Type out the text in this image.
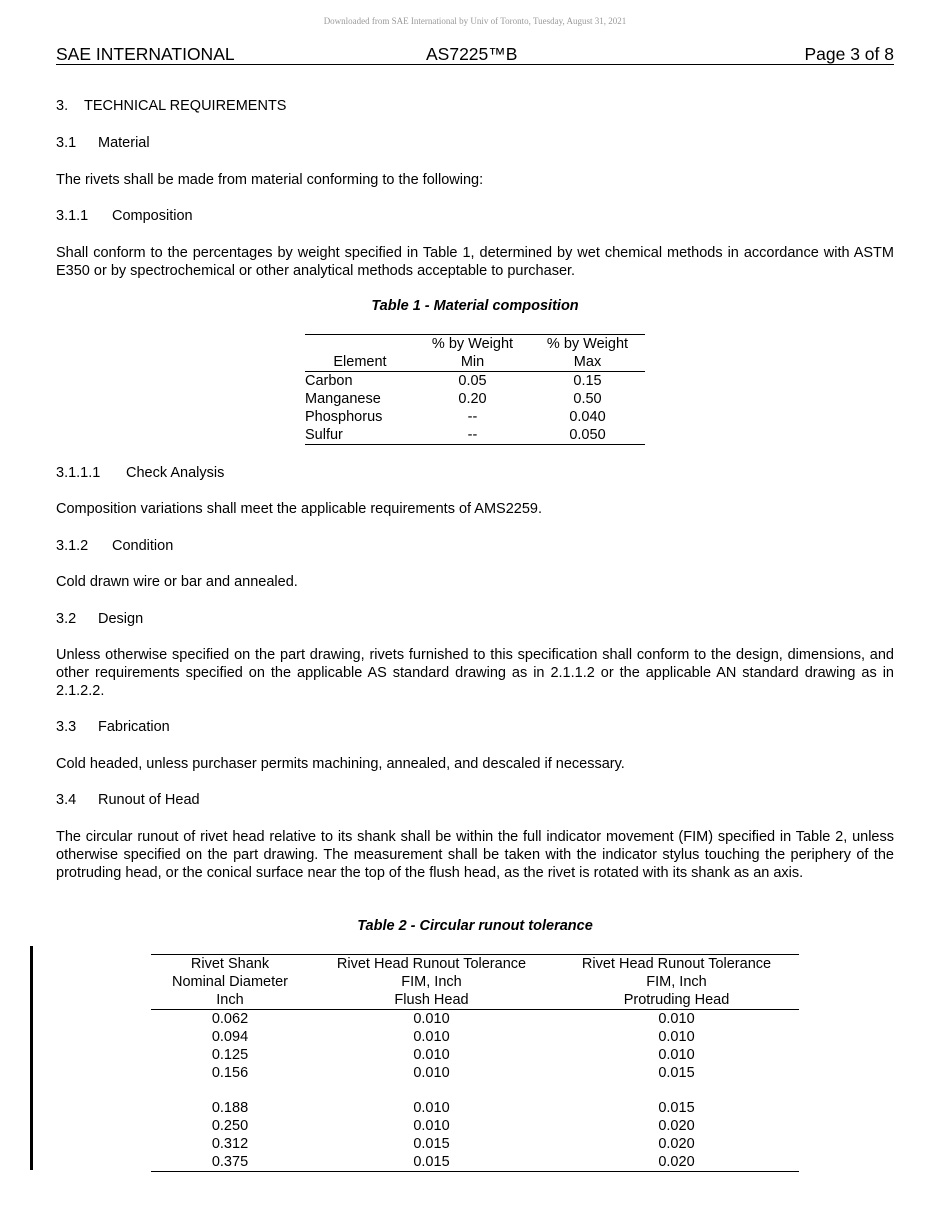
Downloaded from SAE International by Univ of Toronto, Tuesday, August 31, 2021
SAE INTERNATIONAL	AS7225™B	Page 3 of 8
3. TECHNICAL REQUIREMENTS
3.1 Material
The rivets shall be made from material conforming to the following:
3.1.1 Composition
Shall conform to the percentages by weight specified in Table 1, determined by wet chemical methods in accordance with ASTM E350 or by spectrochemical or other analytical methods acceptable to purchaser.
Table 1 - Material composition
	% by Weight	% by Weight
Element	Min	Max
Carbon	0.05	0.15
Manganese	0.20	0.50
Phosphorus	--	0.040
Sulfur	--	0.050
3.1.1.1 Check Analysis
Composition variations shall meet the applicable requirements of AMS2259.
3.1.2 Condition
Cold drawn wire or bar and annealed.
3.2 Design
Unless otherwise specified on the part drawing, rivets furnished to this specification shall conform to the design, dimensions, and other requirements specified on the applicable AS standard drawing as in 2.1.1.2 or the applicable AN standard drawing as in 2.1.2.2.
3.3 Fabrication
Cold headed, unless purchaser permits machining, annealed, and descaled if necessary.
3.4 Runout of Head
The circular runout of rivet head relative to its shank shall be within the full indicator movement (FIM) specified in Table 2, unless otherwise specified on the part drawing. The measurement shall be taken with the indicator stylus touching the periphery of the protruding head, or the conical surface near the top of the flush head, as the rivet is rotated with its shank as an axis.
Table 2 - Circular runout tolerance
Rivet Shank	Rivet Head Runout Tolerance	Rivet Head Runout Tolerance
Nominal Diameter	FIM, Inch	FIM, Inch
Inch	Flush Head	Protruding Head
0.062	0.010	0.010
0.094	0.010	0.010
0.125	0.010	0.010
0.156	0.010	0.015

0.188	0.010	0.015
0.250	0.010	0.020
0.312	0.015	0.020
0.375	0.015	0.020
